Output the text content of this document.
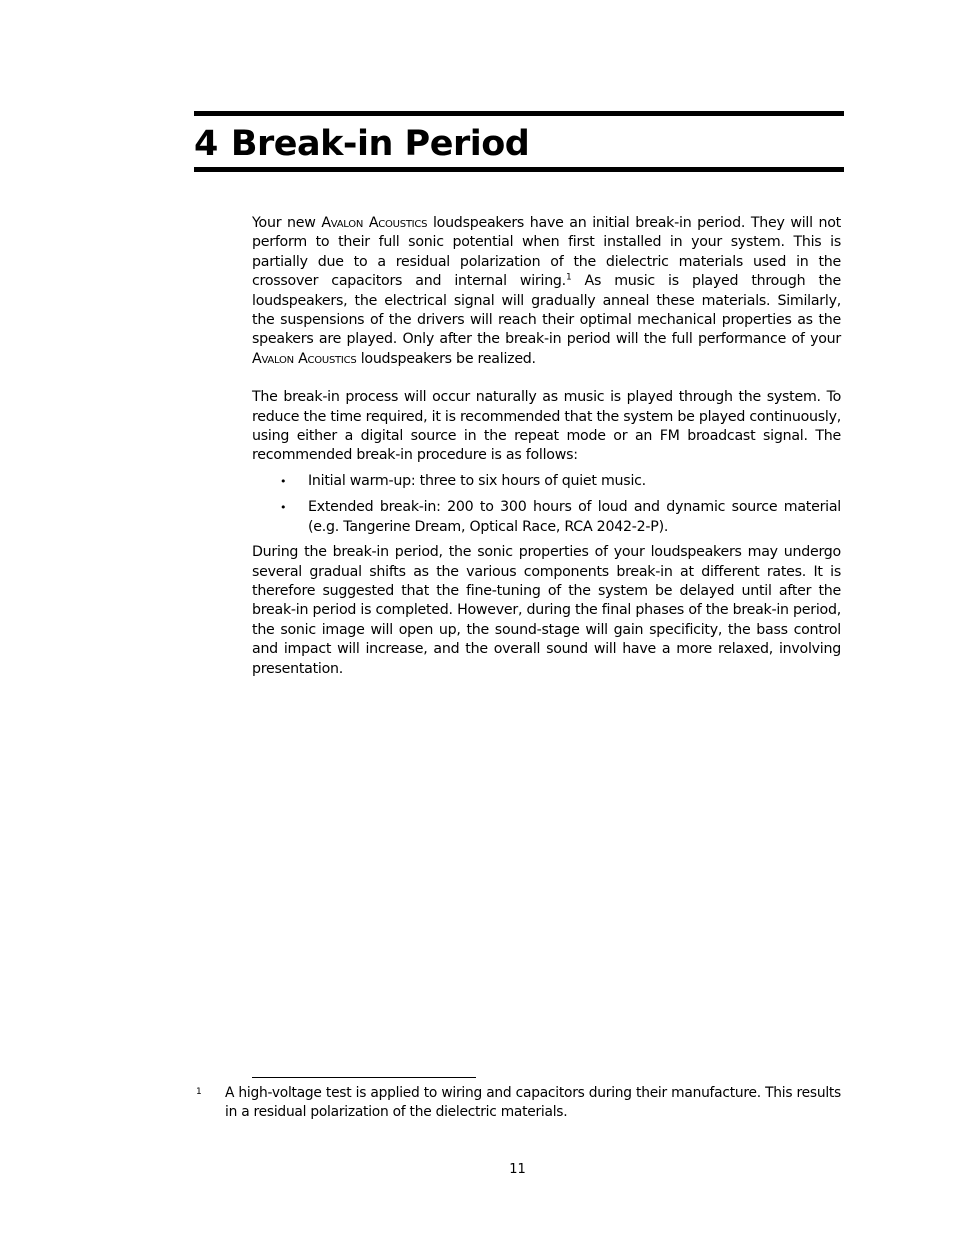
4 Break-in Period

Your new Avalon Acoustics loudspeakers have an initial break-in period. They will not perform to their full sonic potential when first installed in your system. This is partially due to a residual polarization of the dielectric materials used in the crossover capacitors and internal wiring.$^1$ As music is played through the loudspeakers, the electrical signal will gradually anneal these materials. Similarly, the suspensions of the drivers will reach their optimal mechanical properties as the speakers are played. Only after the break-in period will the full performance of your Avalon Acoustics loudspeakers be realized.

The break-in process will occur naturally as music is played through the system. To reduce the time required, it is recommended that the system be played continuously, using either a digital source in the repeat mode or an FM broadcast signal. The recommended break-in procedure is as follows:

• Initial warm-up: three to six hours of quiet music.
• Extended break-in: 200 to 300 hours of loud and dynamic source material (e.g. Tangerine Dream, Optical Race, RCA 2042-2-P).

During the break-in period, the sonic properties of your loudspeakers may undergo several gradual shifts as the various components break-in at different rates. It is therefore suggested that the fine-tuning of the system be delayed until after the break-in period is completed. However, during the final phases of the break-in period, the sonic image will open up, the sound-stage will gain specificity, the bass control and impact will increase, and the overall sound will have a more relaxed, involving presentation.

1 A high-voltage test is applied to wiring and capacitors during their manufacture. This results in a residual polarization of the dielectric materials.

11
